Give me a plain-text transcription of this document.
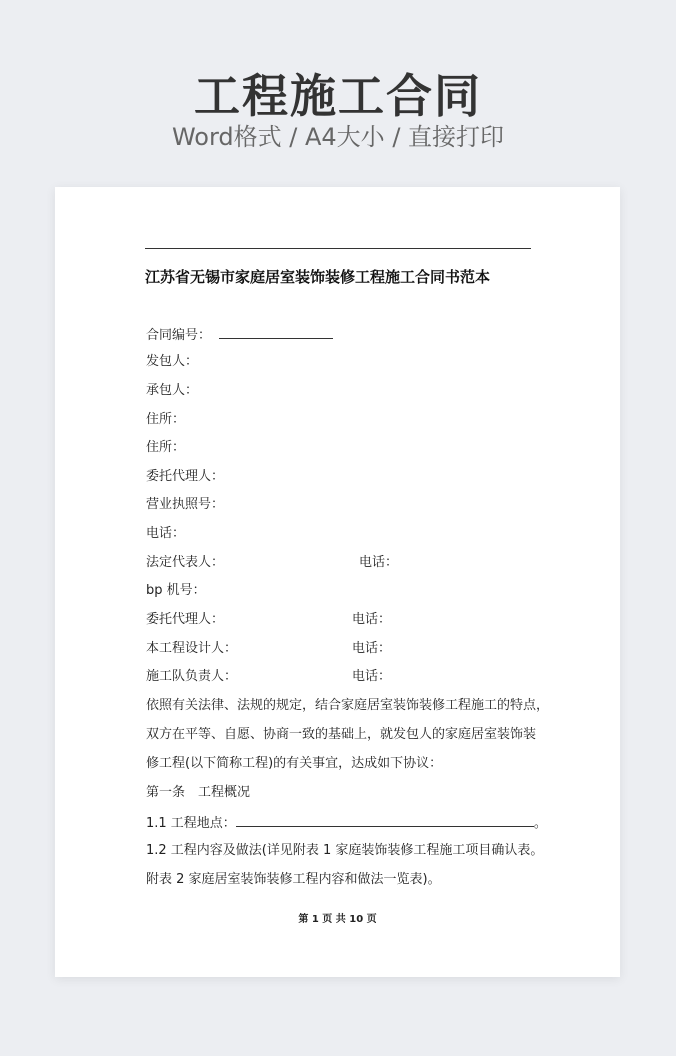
工程施工合同
Word格式 / A4大小 / 直接打印
江苏省无锡市家庭居室装饰装修工程施工合同书范本
合同编号：
发包人：
承包人：
住所：
住所：
委托代理人：
营业执照号：
电话：
法定代表人：	电话：
bp 机号：
委托代理人：	电话：
本工程设计人：	电话：
施工队负责人：	电话：
依照有关法律、法规的规定，结合家庭居室装饰装修工程施工的特点，
双方在平等、自愿、协商一致的基础上，就发包人的家庭居室装饰装
修工程(以下简称工程)的有关事宜，达成如下协议：
第一条　工程概况
1.1 工程地点：	。
1.2 工程内容及做法(详见附表 1 家庭装饰装修工程施工项目确认表。
附表 2 家庭居室装饰装修工程内容和做法一览表)。
第 1 页 共 10 页
